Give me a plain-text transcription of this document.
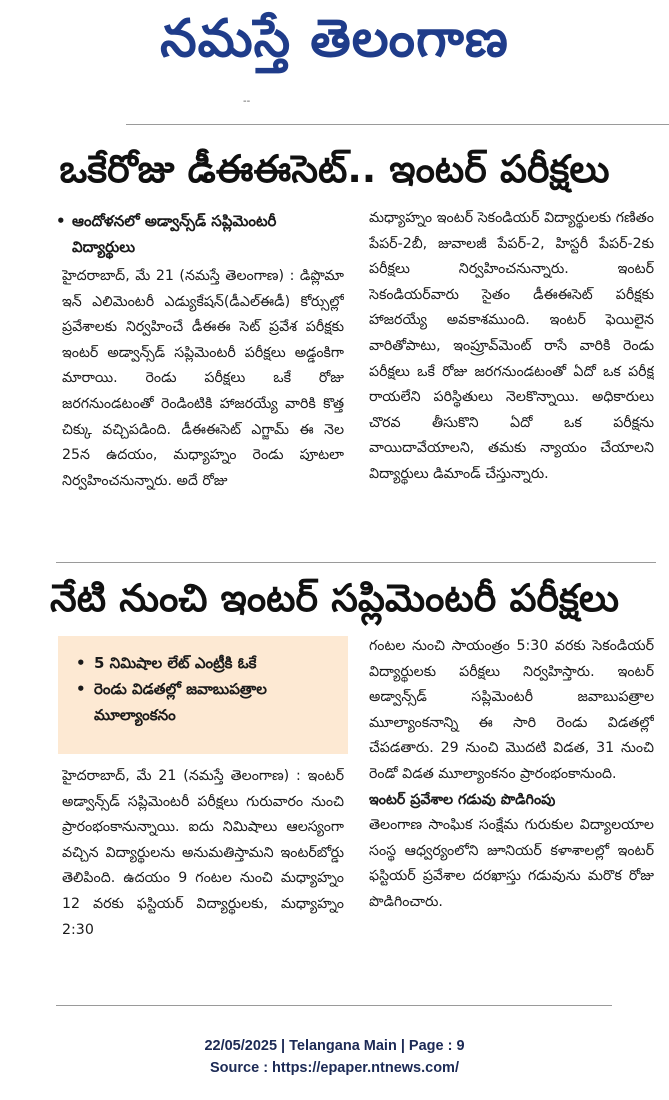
నమస్తే తెలంగాణ
--
ఒకేరోజు డీఈఈసెట్.. ఇంటర్ పరీక్షలు
• ఆందోళనలో అడ్వాన్స్‌డ్ సప్లిమెంటరీ విద్యార్థులు

హైదరాబాద్, మే 21 (నమస్తే తెలంగాణ) : డిప్లొమా ఇన్ ఎలిమెంటరీ ఎడ్యుకేషన్(డీఎల్ఈడీ) కోర్సుల్లో ప్రవేశాలకు నిర్వహించే డీఈఈ సెట్ ప్రవేశ పరీక్షకు ఇంటర్ అడ్వాన్స్‌డ్ సప్లిమెంటరీ పరీక్షలు అడ్డంకిగా మారాయి. రెండు పరీక్షలు ఒకే రోజు జరగనుండటంతో రెండింటికి హాజరయ్యే వారికి కొత్త చిక్కు వచ్చిపడింది. డీఈఈసెట్ ఎగ్జామ్ ఈ నెల 25న ఉదయం, మధ్యాహ్నం రెండు పూటలా నిర్వహించనున్నారు. అదే రోజు
మధ్యాహ్నం ఇంటర్ సెకండియర్ విద్యార్థులకు గణితం పేపర్-2బీ, జువాలజీ పేపర్-2, హిస్టరీ పేపర్-2కు పరీక్షలు నిర్వహించనున్నారు. ఇంటర్ సెకండియర్‌వారు సైతం డీఈఈసెట్ పరీక్షకు హాజరయ్యే అవకాశముంది. ఇంటర్ ఫెయిలైన వారితోపాటు, ఇంప్రూవ్‌మెంట్ రాసే వారికి రెండు పరీక్షలు ఒకే రోజు జరగనుండటంతో ఏదో ఒక పరీక్ష రాయలేని పరిస్థితులు నెలకొన్నాయి. అధికారులు చొరవ తీసుకొని ఏదో ఒక పరీక్షను వాయిదావేయాలని, తమకు న్యాయం చేయాలని విద్యార్థులు డిమాండ్ చేస్తున్నారు.
నేటి నుంచి ఇంటర్ సప్లిమెంటరీ పరీక్షలు
• 5 నిమిషాల లేట్ ఎంట్రీకి ఓకే
• రెండు విడతల్లో జవాబుపత్రాల మూల్యాంకనం
హైదరాబాద్, మే 21 (నమస్తే తెలంగాణ) : ఇంటర్ అడ్వాన్స్‌డ్ సప్లిమెంటరీ పరీక్షలు గురువారం నుంచి ప్రారంభంకానున్నాయి. ఐదు నిమిషాలు ఆలస్యంగా వచ్చిన విద్యార్థులను అనుమతిస్తామని ఇంటర్‌బోర్డు తెలిపింది. ఉదయం 9 గంటల నుంచి మధ్యాహ్నం 12 వరకు ఫస్టియర్ విద్యార్థులకు, మధ్యాహ్నం 2:30

గంటల నుంచి సాయంత్రం 5:30 వరకు సెకండియర్ విద్యార్థులకు పరీక్షలు నిర్వహిస్తారు. ఇంటర్ అడ్వాన్స్‌డ్ సప్లిమెంటరీ జవాబుపత్రాల మూల్యాంకనాన్ని ఈ సారి రెండు విడతల్లో చేపడతారు. 29 నుంచి మొదటి విడత, 31 నుంచి రెండో విడత మూల్యాంకనం ప్రారంభంకానుంది.

ఇంటర్ ప్రవేశాల గడువు పొడిగింపు

తెలంగాణ సాంఘిక సంక్షేమ గురుకుల విద్యాలయాల సంస్థ ఆధ్వర్యంలోని జూనియర్ కళాశాలల్లో ఇంటర్ ఫస్టియర్ ప్రవేశాల దరఖాస్తు గడువును మరొక రోజు పొడిగించారు.

22/05/2025 | Telangana Main | Page : 9
Source : https://epaper.ntnews.com/
